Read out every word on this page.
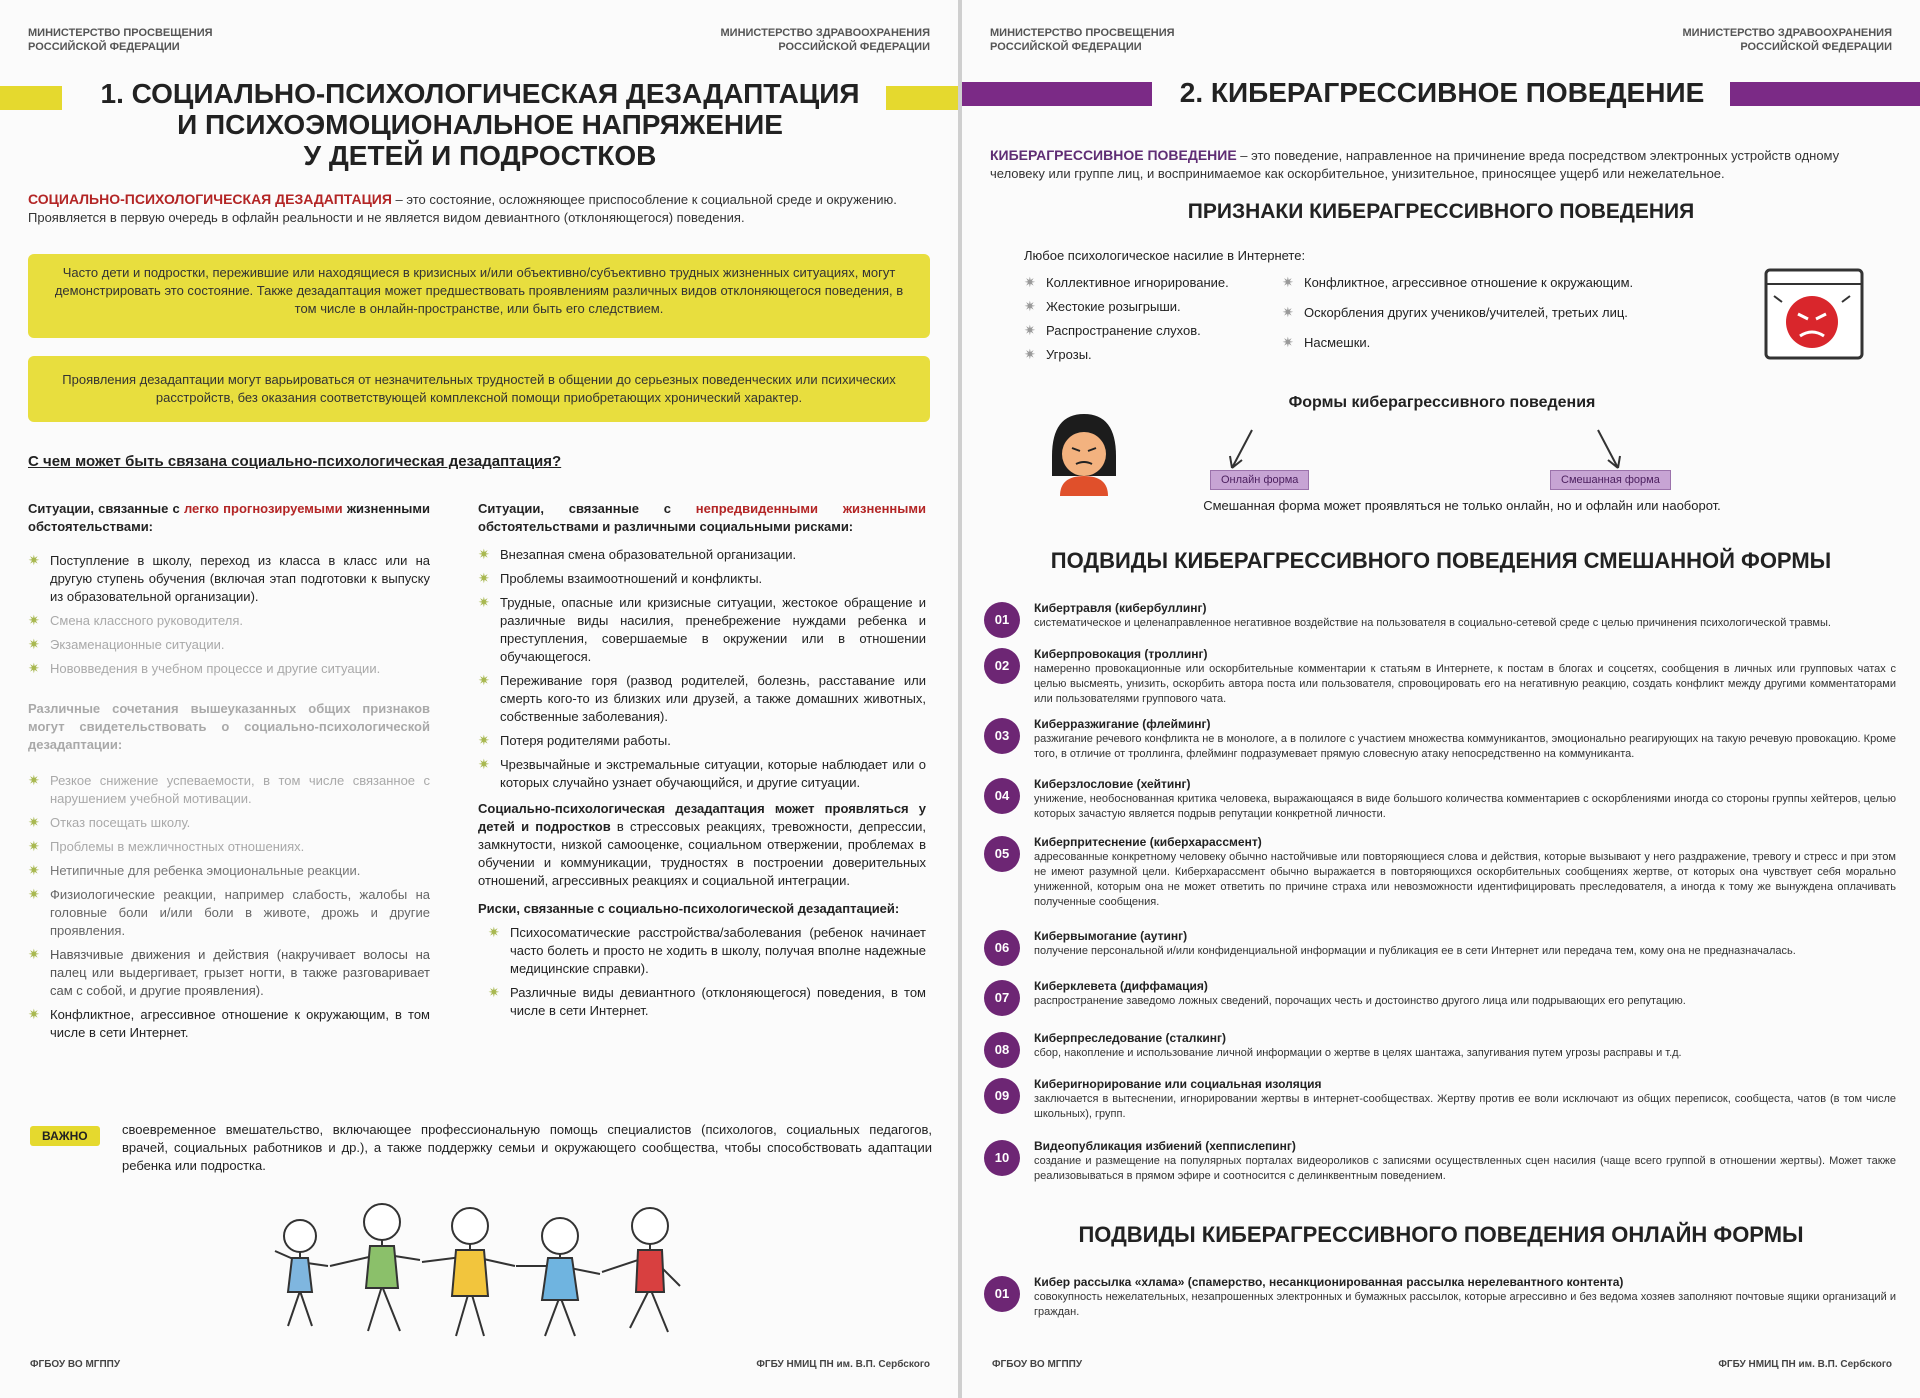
МИНИСТЕРСТВО ПРОСВЕЩЕНИЯ
РОССИЙСКОЙ ФЕДЕРАЦИИ
МИНИСТЕРСТВО ЗДРАВООХРАНЕНИЯ
РОССИЙСКОЙ ФЕДЕРАЦИИ
1. СОЦИАЛЬНО-ПСИХОЛОГИЧЕСКАЯ ДЕЗАДАПТАЦИЯ
И ПСИХОЭМОЦИОНАЛЬНОЕ НАПРЯЖЕНИЕ
У ДЕТЕЙ И ПОДРОСТКОВ
СОЦИАЛЬНО-ПСИХОЛОГИЧЕСКАЯ ДЕЗАДАПТАЦИЯ – это состояние, осложняющее приспособление к социальной среде и окружению. Проявляется в первую очередь в офлайн реальности и не является видом девиантного (отклоняющегося) поведения.
Часто дети и подростки, пережившие или находящиеся в кризисных и/или объективно/субъективно трудных жизненных ситуациях, могут демонстрировать это состояние. Также дезадаптация может предшествовать проявлениям различных видов отклоняющегося поведения, в том числе в онлайн-пространстве, или быть его следствием.
Проявления дезадаптации могут варьироваться от незначительных трудностей в общении до серьезных поведенческих или психических расстройств, без оказания соответствующей комплексной помощи приобретающих хронический характер.

С чем может быть связана социально-психологическая дезадаптация?

Ситуации, связанные с легко прогнозируемыми жизненными обстоятельствами:
✷ Поступление в школу, переход из класса в класс или на другую ступень обучения (включая этап подготовки к выпуску из образовательной организации).
✷ Смена классного руководителя.
✷ Экзаменационные ситуации.
✷ Нововведения в учебном процессе и другие ситуации.
Различные сочетания вышеуказанных общих признаков могут свидетельствовать о социально-психологической дезадаптации:
✷ Резкое снижение успеваемости, в том числе связанное с нарушением учебной мотивации.
✷ Отказ посещать школу.
✷ Проблемы в межличностных отношениях.
✷ Нетипичные для ребенка эмоциональные реакции.
✷ Физиологические реакции, например слабость, жалобы на головные боли и/или боли в животе, дрожь и другие проявления.
✷ Навязчивые движения и действия (накручивает волосы на палец или выдергивает, грызет ногти, в также разговаривает сам с собой, и другие проявления).
✷ Конфликтное, агрессивное отношение к окружающим, в том числе в сети Интернет.
Ситуации, связанные с непредвиденными жизненными обстоятельствами и различными социальными рисками:
✷ Внезапная смена образовательной организации.
✷ Проблемы взаимоотношений и конфликты.
✷ Трудные, опасные или кризисные ситуации, жестокое обращение и различные виды насилия, пренебрежение нуждами ребенка и преступления, совершаемые в окружении или в отношении обучающегося.
✷ Переживание горя (развод родителей, болезнь, расставание или смерть кого-то из близких или друзей, а также домашних животных, собственные заболевания).
✷ Потеря родителями работы.
✷ Чрезвычайные и экстремальные ситуации, которые наблюдает или о которых случайно узнает обучающийся, и другие ситуации.
Социально-психологическая дезадаптация может проявляться у детей и подростков в стрессовых реакциях, тревожности, депрессии, замкнутости, низкой самооценке, социальном отвержении, проблемах в обучении и коммуникации, трудностях в построении доверительных отношений, агрессивных реакциях и социальной интеграции.
Риски, связанные с социально-психологической дезадаптацией:
✷ Психосоматические расстройства/заболевания (ребенок начинает часто болеть и просто не ходить в школу, получая вполне надежные медицинские справки).
✷ Различные виды девиантного (отклоняющегося) поведения, в том числе в сети Интернет.
ВАЖНО	своевременное вмешательство, включающее профессиональную помощь специалистов (психологов, социальных педагогов, врачей, социальных работников и др.), а также поддержку семьи и окружающего сообщества, чтобы способствовать адаптации ребенка или подростка.
ФГБОУ ВО МГППУ	ФГБУ НМИЦ ПН им. В.П. Сербского
МИНИСТЕРСТВО ПРОСВЕЩЕНИЯ
РОССИЙСКОЙ ФЕДЕРАЦИИ
МИНИСТЕРСТВО ЗДРАВООХРАНЕНИЯ
РОССИЙСКОЙ ФЕДЕРАЦИИ
2. КИБЕРАГРЕССИВНОЕ ПОВЕДЕНИЕ
КИБЕРАГРЕССИВНОЕ ПОВЕДЕНИЕ – это поведение, направленное на причинение вреда посредством электронных устройств одному человеку или группе лиц, и воспринимаемое как оскорбительное, унизительное, приносящее ущерб или нежелательное.
ПРИЗНАКИ КИБЕРАГРЕССИВНОГО ПОВЕДЕНИЯ
Любое психологическое насилие в Интернете:
✷ Коллективное игнорирование.
✷ Жестокие розыгрыши.
✷ Распространение слухов.
✷ Угрозы.
✷ Конфликтное, агрессивное отношение к окружающим.
✷ Оскорбления других учеников/учителей, третьих лиц.
✷ Насмешки.
Формы киберагрессивного поведения
Онлайн форма	Смешанная форма
Смешанная форма может проявляться не только онлайн, но и офлайн или наоборот.
ПОДВИДЫ КИБЕРАГРЕССИВНОГО ПОВЕДЕНИЯ СМЕШАННОЙ ФОРМЫ
01
Кибертравля (кибербуллинг)
систематическое и целенаправленное негативное воздействие на пользователя в социально-сетевой среде с целью причинения психологической травмы.
02
Киберпровокация (троллинг)
намеренно провокационные или оскорбительные комментарии к статьям в Интернете, к постам в блогах и соцсетях, сообщения в личных или групповых чатах с целью высмеять, унизить, оскорбить автора поста или пользователя, спровоцировать его на негативную реакцию, создать конфликт между другими комментаторами или пользователями группового чата.
03
Киберразжигание (флейминг)
разжигание речевого конфликта не в монологе, а в полилоге с участием множества коммуникантов, эмоционально реагирующих на такую речевую провокацию. Кроме того, в отличие от троллинга, флейминг подразумевает прямую словесную атаку непосредственно на коммуниканта.
04
Киберзлословие (хейтинг)
унижение, необоснованная критика человека, выражающаяся в виде большого количества комментариев с оскорблениями иногда со стороны группы хейтеров, целью которых зачастую является подрыв репутации конкретной личности.
05
Киберпритеснение (киберхарассмент)
адресованные конкретному человеку обычно настойчивые или повторяющиеся слова и действия, которые вызывают у него раздражение, тревогу и стресс и при этом не имеют разумной цели. Киберхарассмент обычно выражается в повторяющихся оскорбительных сообщениях жертве, от которых она чувствует себя морально униженной, которым она не может ответить по причине страха или невозможности идентифицировать преследователя, а иногда к тому же вынуждена оплачивать полученные сообщения.
06
Кибервымогание (аутинг)
получение персональной и/или конфиденциальной информации и публикация ее в сети Интернет или передача тем, кому она не предназначалась.
07
Киберклевета (диффамация)
распространение заведомо ложных сведений, порочащих честь и достоинство другого лица или подрывающих его репутацию.
08
Киберпреследование (сталкинг)
сбор, накопление и использование личной информации о жертве в целях шантажа, запугивания путем угрозы расправы и т.д.
09
Кибериrнорирование или социальная изоляция
заключается в вытеснении, игнорировании жертвы в интернет-сообществах. Жертву против ее воли исключают из общих переписок, сообщеста, чатов (в том числе школьных), групп.
10
Видеопубликация избиений (хеппислепинг)
создание и размещение на популярных порталах видеороликов с записями осуществленных сцен насилия (чаще всего группой в отношении жертвы). Может также реализовываться в прямом эфире и соотносится с делинквентным поведением.
ПОДВИДЫ КИБЕРАГРЕССИВНОГО ПОВЕДЕНИЯ ОНЛАЙН ФОРМЫ
01
Кибер рассылка «хлама» (спамерство, несанкционированная рассылка нерелевантного контента)
совокупность нежелательных, незапрошенных электронных и бумажных рассылок, которые агрессивно и без ведома хозяев заполняют почтовые ящики организаций и граждан.
ФГБОУ ВО МГППУ	ФГБУ НМИЦ ПН им. В.П. Сербского
